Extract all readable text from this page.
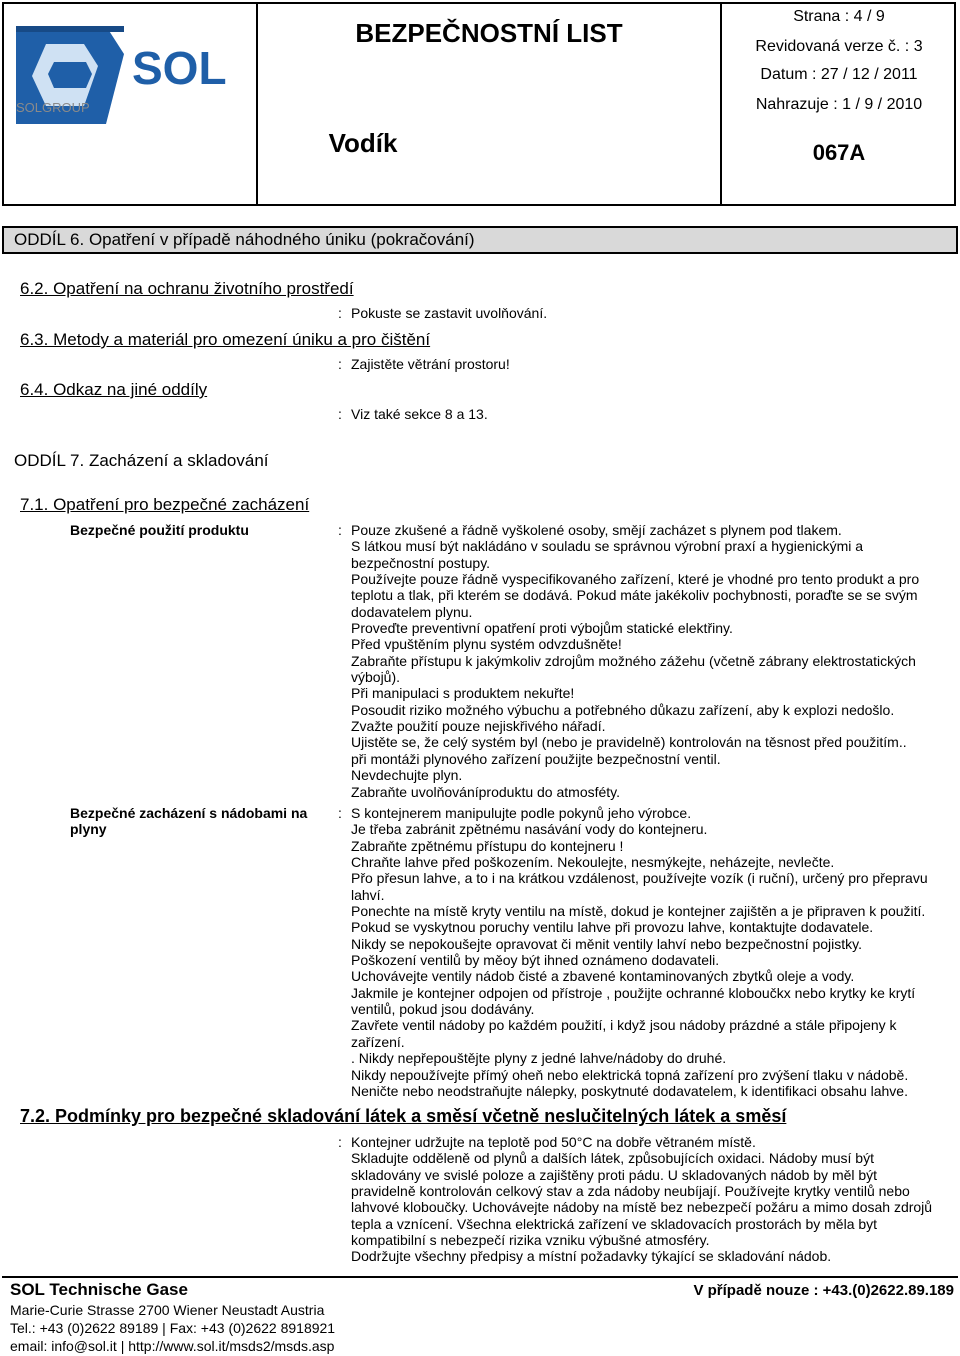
SOL
SOLGROUP
BEZPEČNOSTNÍ LIST
Vodík
Strana : 4 / 9
Revidovaná verze č. : 3
Datum : 27 / 12 / 2011
Nahrazuje : 1 / 9 / 2010
067A
ODDÍL 6. Opatření v případě náhodného úniku (pokračování)
6.2. Opatření na ochranu životního prostředí
: Pokuste se zastavit uvolňování.
6.3. Metody a materiál pro omezení úniku a pro čištění
: Zajistěte větrání prostoru!
6.4. Odkaz na jiné oddíly
: Viz také sekce 8 a 13.
ODDÍL 7. Zacházení a skladování
7.1. Opatření pro bezpečné zacházení
Bezpečné použití produktu	: Pouze zkušené a řádně vyškolené osoby, smějí zacházet s plynem pod tlakem.
S látkou musí být nakládáno v souladu se správnou výrobní praxí a hygienickými a
bezpečnostní postupy.
Používejte pouze řádně vyspecifikovaného zařízení, které je vhodné pro tento produkt a pro
teplotu a tlak, při kterém se dodává. Pokud máte jakékoliv pochybnosti, poraďte se se svým
dodavatelem plynu.
Proveďte preventivní opatření proti výbojům statické elektřiny.
Před vpuštěním plynu systém odvzdušněte!
Zabraňte přístupu k jakýmkoliv zdrojům možného zážehu (včetně zábrany elektrostatických
výbojů).
Při manipulaci s produktem nekuřte!
Posoudit riziko možného výbuchu a potřebného důkazu zařízení, aby k explozi nedošlo.
Zvažte použití pouze nejiskřivého nářadí.
Ujistěte se, že celý systém byl (nebo je pravidelně) kontrolován na těsnost před použitím..
při montáži plynového zařízení použijte bezpečnostní ventil.
Nevdechujte plyn.
Zabraňte uvolňováníproduktu do atmosféty.
Bezpečné zacházení s nádobami na plyny
: S kontejnerem manipulujte podle pokynů jeho výrobce.
Je třeba zabránit zpětnému nasávání vody do kontejneru.
Zabraňte zpětnému přístupu do kontejneru !
Chraňte lahve před poškozením. Nekoulejte, nesmýkejte, neházejte, nevlečte.
Přo přesun lahve, a to i na krátkou vzdálenost, používejte vozík (i ruční), určený pro přepravu
lahví.
Ponechte na místě kryty ventilu na místě, dokud je kontejner zajištěn a je připraven k použití.
Pokud se vyskytnou poruchy ventilu lahve při provozu lahve, kontaktujte dodavatele.
Nikdy se nepokoušejte opravovat či měnit ventily lahví nebo bezpečnostní pojistky.
Poškození ventilů by měoy být ihned oznámeno dodavateli.
Uchovávejte ventily nádob čisté a zbavené kontaminovaných zbytků oleje a vody.
Jakmile je kontejner odpojen od přístroje , použijte ochranné kloboučkx nebo krytky ke krytí
ventilů, pokud jsou dodávány.
Zavřete ventil nádoby po každém použití, i když jsou nádoby prázdné a stále připojeny k
zařízení.
. Nikdy nepřepouštějte plyny z jedné lahve/nádoby do druhé.
Nikdy nepoužívejte přímý oheň nebo elektrická topná zařízení pro zvýšení tlaku v nádobě.
Neničte nebo neodstraňujte nálepky, poskytnuté dodavatelem, k identifikaci obsahu lahve.
7.2. Podmínky pro bezpečné skladování látek a směsí včetně neslučitelných látek a směsí
: Kontejner udržujte na teplotě pod 50°C na dobře větraném místě.
Skladujte odděleně od plynů a dalších látek, způsobujících oxidaci. Nádoby musí být
skladovány ve svislé poloze a zajištěny proti pádu. U skladovaných nádob by měl být
pravidelně kontrolován celkový stav a zda nádoby neubíjají. Používejte krytky ventilů nebo
lahvové kloboučky. Uchovávejte nádoby na místě bez nebezpečí požáru a mimo dosah zdrojů
tepla a vznícení. Všechna elektrická zařízení ve skladovacích prostorách by měla byt
kompatibilní s nebezpečí rizika vzniku výbušné atmosféry.
Dodržujte všechny předpisy a místní požadavky týkající se skladování nádob.
SOL Technische Gase
Marie-Curie Strasse 2700 Wiener Neustadt Austria
Tel.: +43 (0)2622 89189 | Fax: +43 (0)2622 8918921
email: info@sol.it | http://www.sol.it/msds2/msds.asp
V případě nouze : +43.(0)2622.89.189
